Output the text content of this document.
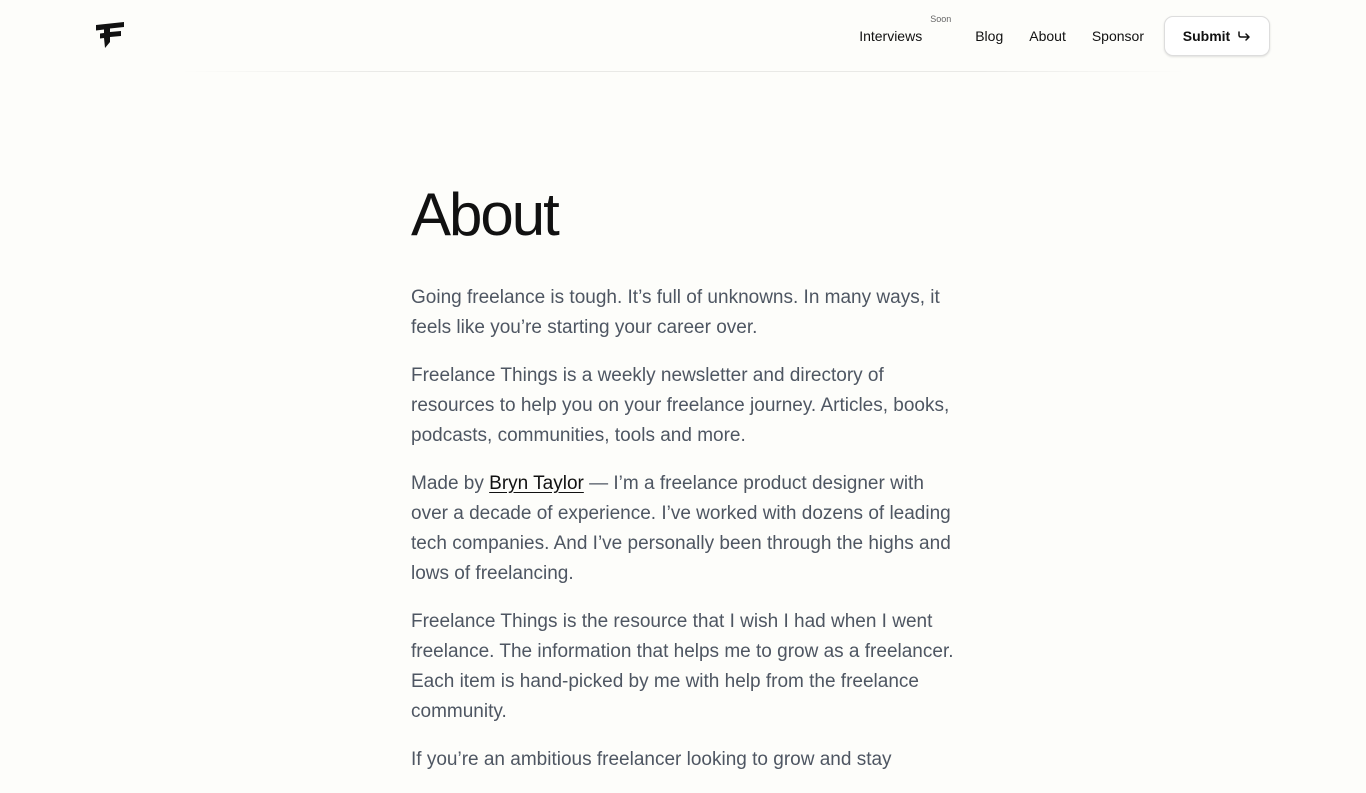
Interviews
Soon
Blog About Sponsor	Submit
About

Going freelance is tough. It’s full of unknowns. In many ways, it feels like you’re starting your career over.

Freelance Things is a weekly newsletter and directory of resources to help you on your freelance journey. Articles, books, podcasts, communities, tools and more.

Made by Bryn Taylor — I’m a freelance product designer with over a decade of experience. I’ve worked with dozens of leading tech companies. And I’ve personally been through the highs and lows of freelancing.

Freelance Things is the resource that I wish I had when I went freelance. The information that helps me to grow as a freelancer. Each item is hand-picked by me with help from the freelance community.

If you’re an ambitious freelancer looking to grow and stay
